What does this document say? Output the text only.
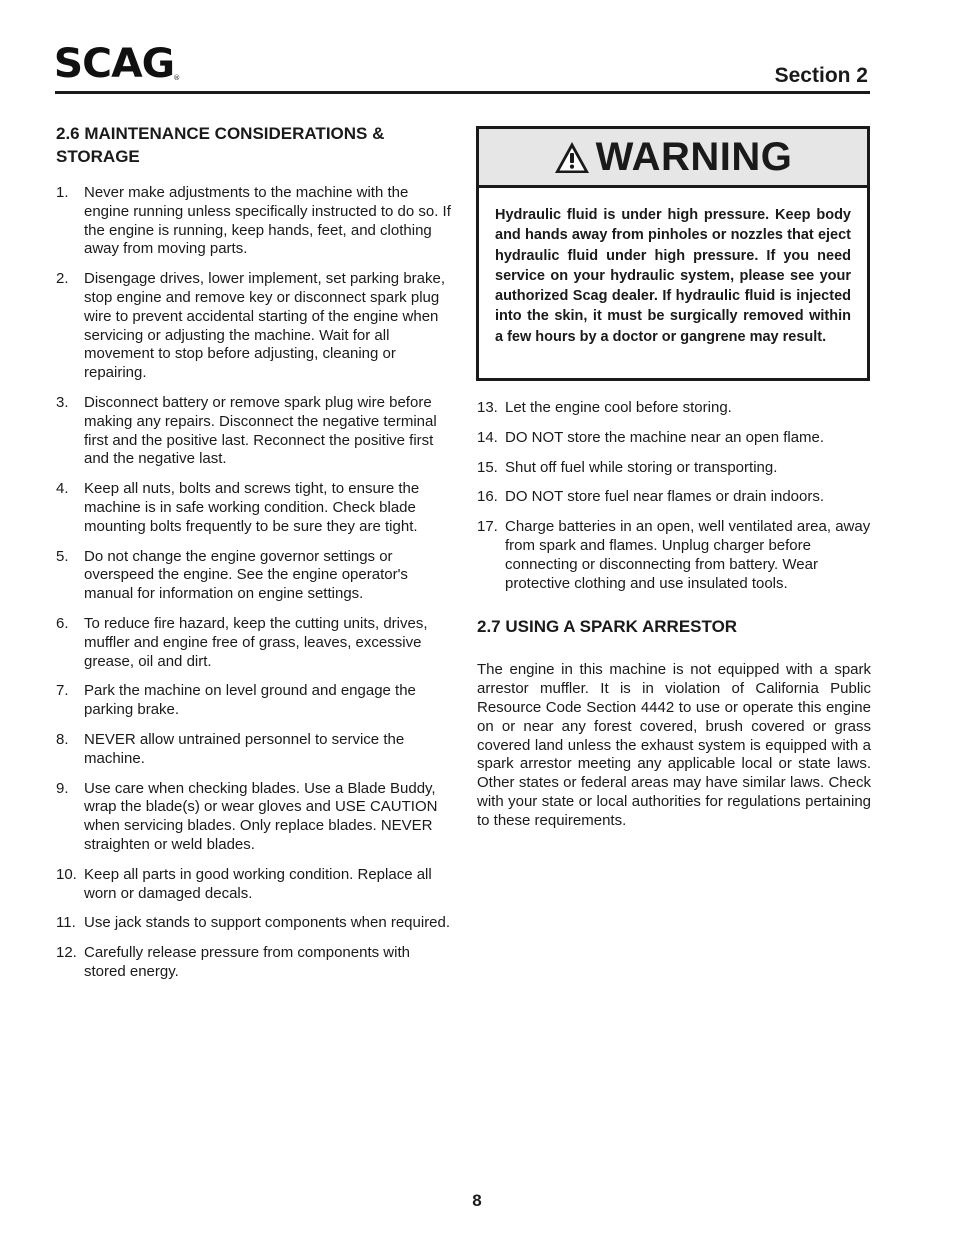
SCAG ®	Section 2
2.6 MAINTENANCE CONSIDERATIONS &
STORAGE
1. Never make adjustments to the machine with the engine running unless specifically instructed to do so. If the engine is running, keep hands, feet, and clothing away from moving parts.
2. Disengage drives, lower implement, set parking brake, stop engine and remove key or disconnect spark plug wire to prevent accidental starting of the engine when servicing or adjusting the machine. Wait for all movement to stop before adjusting, cleaning or repairing.
3. Disconnect battery or remove spark plug wire before making any repairs. Disconnect the negative terminal first and the positive last. Reconnect the positive first and the negative last.
4. Keep all nuts, bolts and screws tight, to ensure the machine is in safe working condition. Check blade mounting bolts frequently to be sure they are tight.
5. Do not change the engine governor settings or overspeed the engine. See the engine operator's manual for information on engine settings.
6. To reduce fire hazard, keep the cutting units, drives, muffler and engine free of grass, leaves, excessive grease, oil and dirt.
7. Park the machine on level ground and engage the parking brake.
8. NEVER allow untrained personnel to service the machine.
9. Use care when checking blades. Use a Blade Buddy, wrap the blade(s) or wear gloves and USE CAUTION when servicing blades. Only replace blades. NEVER straighten or weld blades.
10. Keep all parts in good working condition. Replace all worn or damaged decals.
11. Use jack stands to support components when required.
12. Carefully release pressure from components with stored energy.
WARNING
Hydraulic fluid is under high pressure. Keep body and hands away from pinholes or nozzles that eject hydraulic fluid under high pressure. If you need service on your hydraulic system, please see your authorized Scag dealer. If hydraulic fluid is injected into the skin, it must be surgically removed within a few hours by a doctor or gangrene may result.
13. Let the engine cool before storing.
14. DO NOT store the machine near an open flame.
15. Shut off fuel while storing or transporting.
16. DO NOT store fuel near flames or drain indoors.
17. Charge batteries in an open, well ventilated area, away from spark and flames. Unplug charger before connecting or disconnecting from battery. Wear protective clothing and use insulated tools.
2.7 USING A SPARK ARRESTOR

The engine in this machine is not equipped with a spark arrestor muffler. It is in violation of California Public Resource Code Section 4442 to use or operate this engine on or near any forest covered, brush covered or grass covered land unless the exhaust system is equipped with a spark arrestor meeting any applicable local or state laws. Other states or federal areas may have similar laws. Check with your state or local authorities for regulations pertaining to these requirements.

8
